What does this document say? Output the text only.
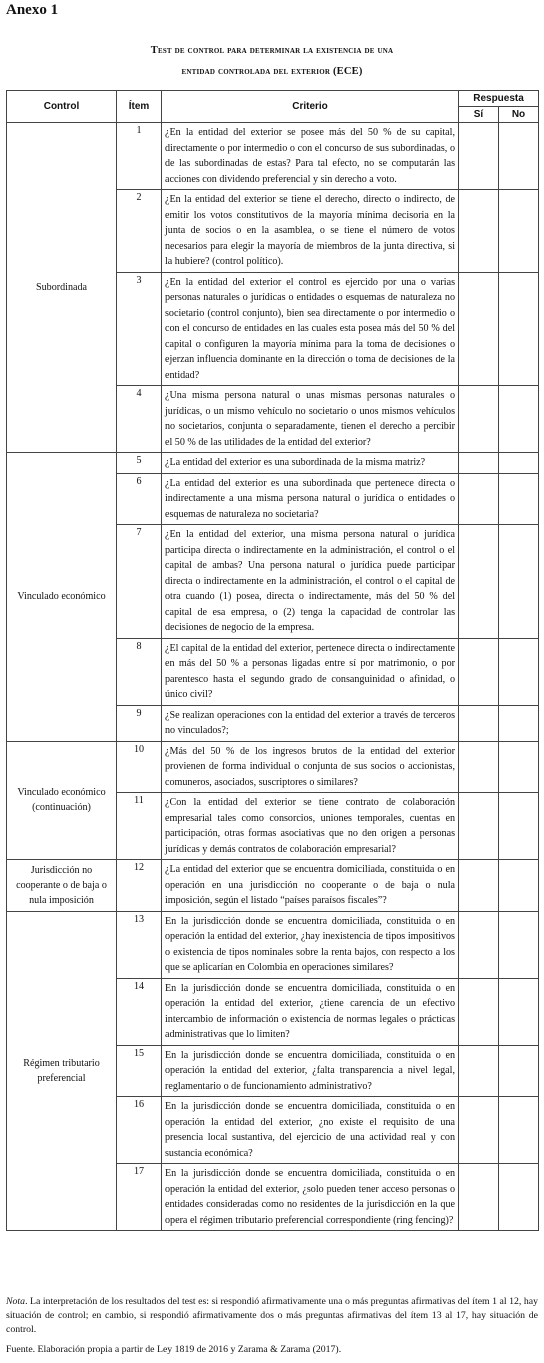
Anexo 1
Test de control para determinar la existencia de una
entidad controlada del exterior (ECE)
Control	Ítem	Criterio	Respuesta	
			Sí	No
Subordinada	1	¿En la entidad del exterior se posee más del 50 % de su capital, directamente o por intermedio o con el concurso de sus subordinadas, o de las subordinadas de estas? Para tal efecto, no se computarán las acciones con dividendo preferencial y sin derecho a voto.		
	2	¿En la entidad del exterior se tiene el derecho, directo o indirecto, de emitir los votos constitutivos de la mayoría mínima decisoria en la junta de socios o en la asamblea, o se tiene el número de votos necesarios para elegir la mayoría de miembros de la junta directiva, si la hubiere? (control político).		
	3	¿En la entidad del exterior el control es ejercido por una o varias personas naturales o jurídicas o entidades o esquemas de naturaleza no societario (control conjunto), bien sea directamente o por intermedio o con el concurso de entidades en las cuales esta posea más del 50 % del capital o configuren la mayoría mínima para la toma de decisiones o ejerzan influencia dominante en la dirección o toma de decisiones de la entidad?		
	4	¿Una misma persona natural o unas mismas personas naturales o jurídicas, o un mismo vehículo no societario o unos mismos vehículos no societarios, conjunta o separadamente, tienen el derecho a percibir el 50 % de las utilidades de la entidad del exterior?		
Vinculado económico	5	¿La entidad del exterior es una subordinada de la misma matriz?		
	6	¿La entidad del exterior es una subordinada que pertenece directa o indirectamente a una misma persona natural o jurídica o entidades o esquemas de naturaleza no societaria?		
	7	¿En la entidad del exterior, una misma persona natural o jurídica participa directa o indirectamente en la administración, el control o el capital de ambas? Una persona natural o jurídica puede participar directa o indirectamente en la administración, el control o el capital de otra cuando (1) posea, directa o indirectamente, más del 50 % del capital de esa empresa, o (2) tenga la capacidad de controlar las decisiones de negocio de la empresa.		
	8	¿El capital de la entidad del exterior, pertenece directa o indirectamente en más del 50 % a personas ligadas entre sí por matrimonio, o por parentesco hasta el segundo grado de consanguinidad o afinidad, o único civil?		
	9	¿Se realizan operaciones con la entidad del exterior a través de terceros no vinculados?;		
Vinculado económico (continuación)	10	¿Más del 50 % de los ingresos brutos de la entidad del exterior provienen de forma individual o conjunta de sus socios o accionistas, comuneros, asociados, suscriptores o similares?		
	11	¿Con la entidad del exterior se tiene contrato de colaboración empresarial tales como consorcios, uniones temporales, cuentas en participación, otras formas asociativas que no den origen a personas jurídicas y demás contratos de colaboración empresarial?		
Jurisdicción no cooperante o de baja o nula imposición	12	¿La entidad del exterior que se encuentra domiciliada, constituida o en operación en una jurisdicción no cooperante o de baja o nula imposición, según el listado “países paraísos fiscales”?		
Régimen tributario preferencial	13	En la jurisdicción donde se encuentra domiciliada, constituida o en operación la entidad del exterior, ¿hay inexistencia de tipos impositivos o existencia de tipos nominales sobre la renta bajos, con respecto a los que se aplicarían en Colombia en operaciones similares?		
	14	En la jurisdicción donde se encuentra domiciliada, constituida o en operación la entidad del exterior, ¿tiene carencia de un efectivo intercambio de información o existencia de normas legales o prácticas administrativas que lo limiten?		
	15	En la jurisdicción donde se encuentra domiciliada, constituida o en operación la entidad del exterior, ¿falta transparencia a nivel legal, reglamentario o de funcionamiento administrativo?		
	16	En la jurisdicción donde se encuentra domiciliada, constituida o en operación la entidad del exterior, ¿no existe el requisito de una presencia local sustantiva, del ejercicio de una actividad real y con sustancia económica?		
	17	En la jurisdicción donde se encuentra domiciliada, constituida o en operación la entidad del exterior, ¿solo pueden tener acceso personas o entidades consideradas como no residentes de la jurisdicción en la que opera el régimen tributario preferencial correspondiente (ring fencing)?		
Nota. La interpretación de los resultados del test es: si respondió afirmativamente una o más preguntas afirmativas del ítem 1 al 12, hay situación de control; en cambio, si respondió afirmativamente dos o más preguntas afirmativas del ítem 13 al 17, hay situación de control.
Fuente. Elaboración propia a partir de Ley 1819 de 2016 y Zarama & Zarama (2017).
